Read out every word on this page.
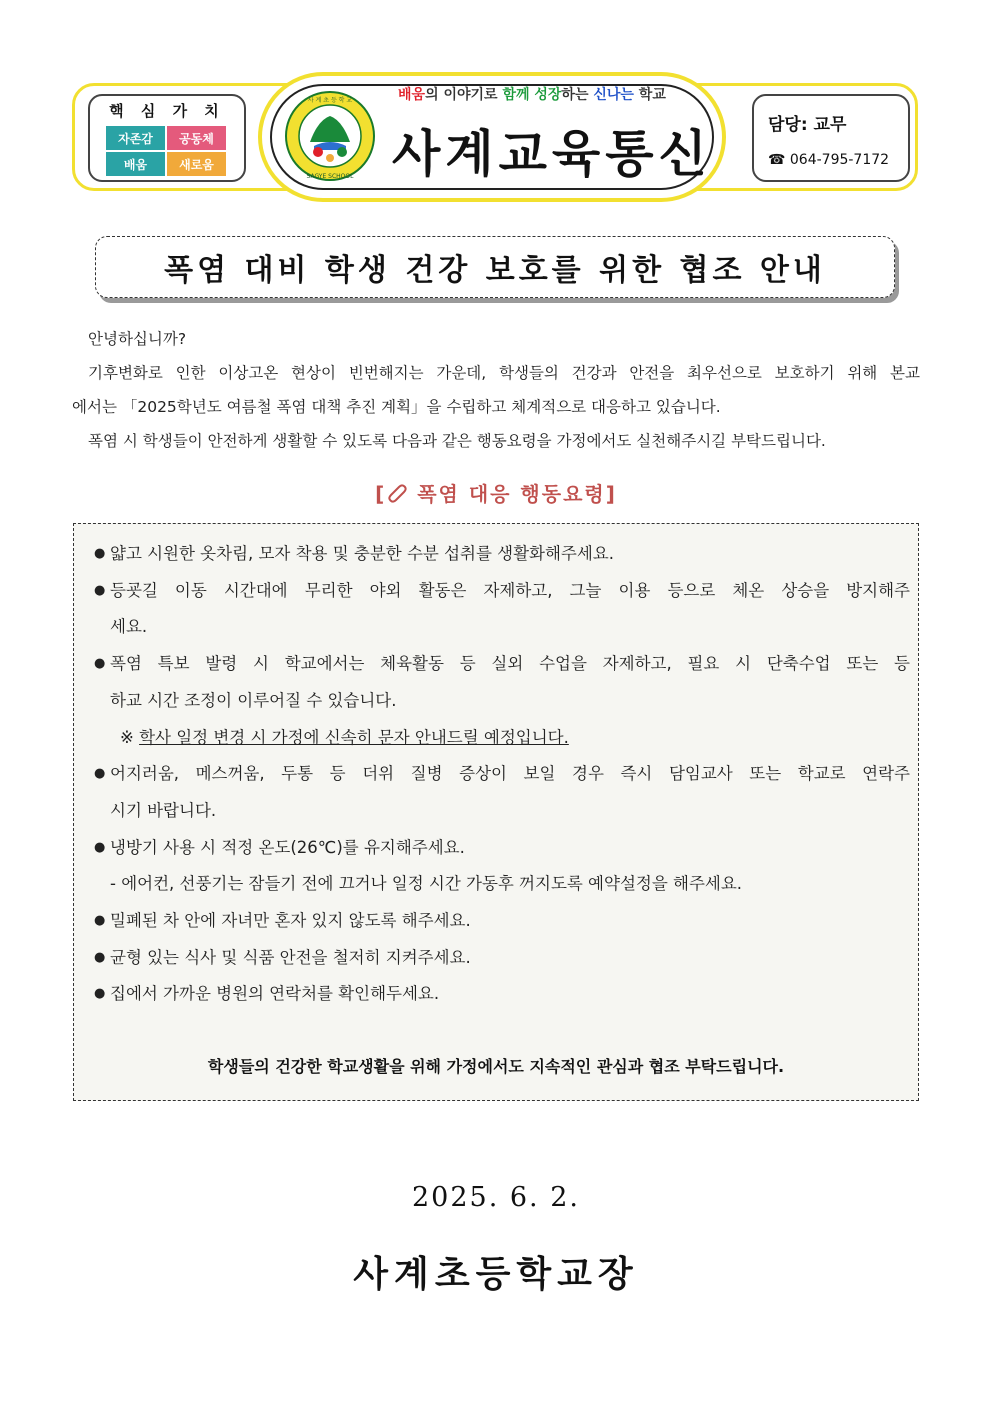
핵 심 가 치
자존감	공동체
배움	새로움
사 계 초 등 학 교
SAGYE SCHOOL
배움의 이야기로 함께 성장하는 신나는 학교
사계교육통신	담당: 교무
☎ 064-795-7172
폭염 대비 학생 건강 보호를 위한 협조 안내

안녕하십니까?

기후변화로 인한 이상고온 현상이 빈번해지는 가운데, 학생들의 건강과 안전을 최우선으로 보호하기 위해 본교

에서는 「2025학년도 여름철 폭염 대책 추진 계획」을 수립하고 체계적으로 대응하고 있습니다.

폭염 시 학생들이 안전하게 생활할 수 있도록 다음과 같은 행동요령을 가정에서도 실천해주시길 부탁드립니다.

[ 폭염 대응 행동요령]
● 얇고 시원한 옷차림, 모자 착용 및 충분한 수분 섭취를 생활화해주세요.
● 등굣길 이동 시간대에 무리한 야외 활동은 자제하고, 그늘 이용 등으로 체온 상승을 방지해주
세요.
● 폭염 특보 발령 시 학교에서는 체육활동 등 실외 수업을 자제하고, 필요 시 단축수업 또는 등
하교 시간 조정이 이루어질 수 있습니다.
※ 학사 일정 변경 시 가정에 신속히 문자 안내드릴 예정입니다.
● 어지러움, 메스꺼움, 두통 등 더위 질병 증상이 보일 경우 즉시 담임교사 또는 학교로 연락주
시기 바랍니다.
● 냉방기 사용 시 적정 온도(26℃)를 유지해주세요.
- 에어컨, 선풍기는 잠들기 전에 끄거나 일정 시간 가동후 꺼지도록 예약설정을 해주세요.
● 밀폐된 차 안에 자녀만 혼자 있지 않도록 해주세요.
● 균형 있는 식사 및 식품 안전을 철저히 지켜주세요.
● 집에서 가까운 병원의 연락처를 확인해두세요.
학생들의 건강한 학교생활을 위해 가정에서도 지속적인 관심과 협조 부탁드립니다.
2025. 6. 2.
사계초등학교장
